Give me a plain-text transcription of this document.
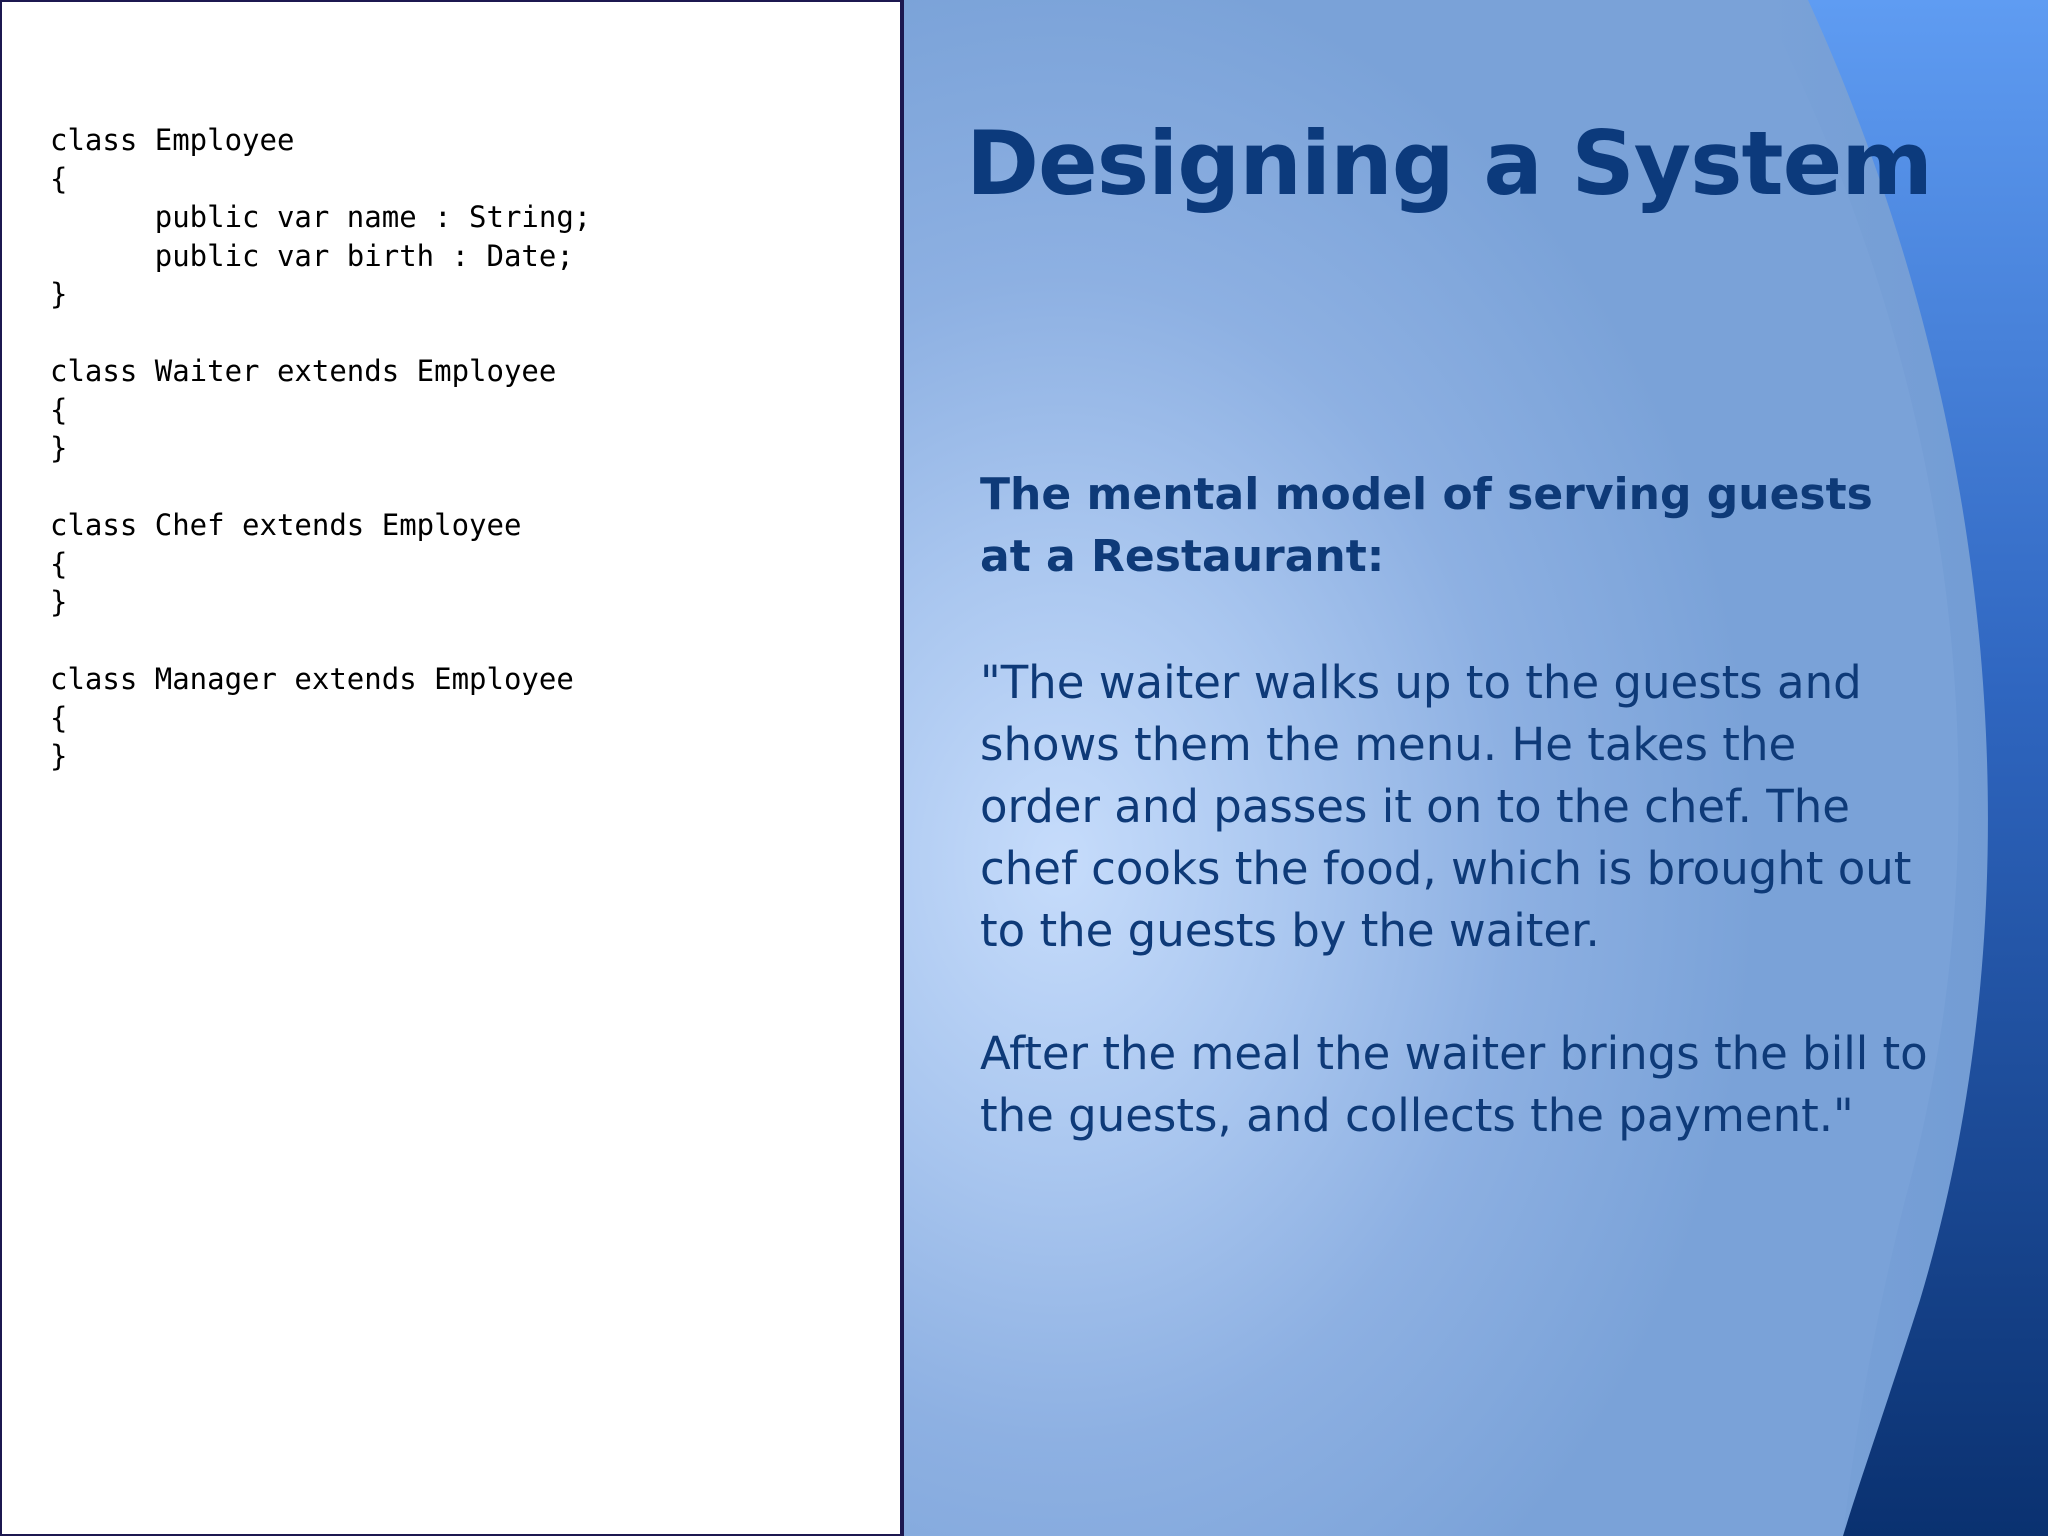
class Employee
{
public var name : String;
public var birth : Date;
}

class Waiter extends Employee
{
}

class Chef extends Employee
{
}

class Manager extends Employee
{
}
Designing a System

The mental model of serving guests at a Restaurant:

"The waiter walks up to the guests and shows them the menu. He takes the order and passes it on to the chef. The chef cooks the food, which is brought out to the guests by the waiter.

After the meal the waiter brings the bill to the guests, and collects the payment."
